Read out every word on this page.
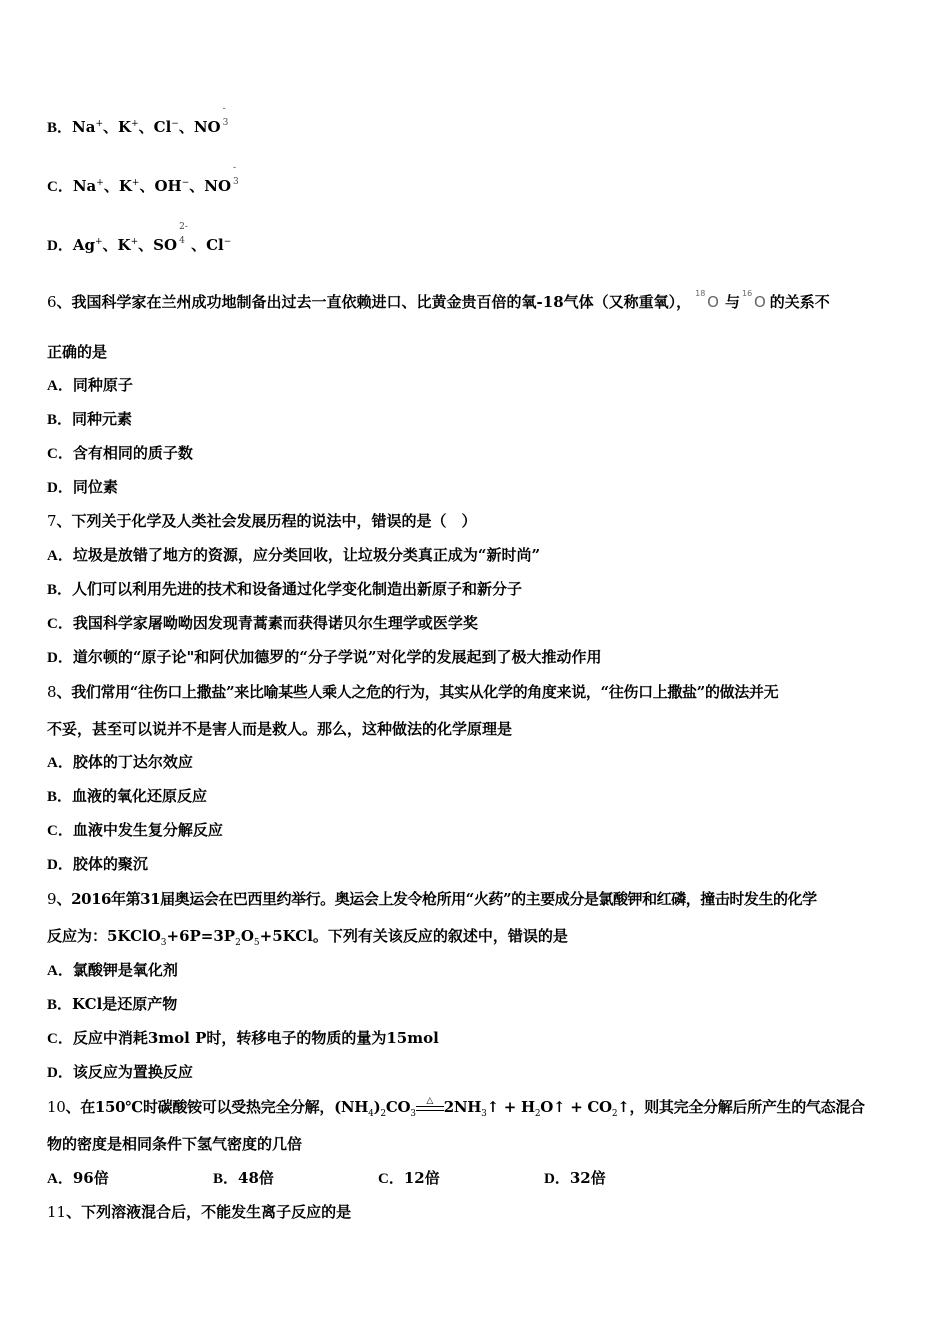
B．Na+、K+、Cl−、NO
-
3
C．Na+、K+、OH−、NO
-
3
D．Ag+、K+、SO
2-
4 、Cl−
6、我国科学家在兰州成功地制备出过去一直依赖进口、比黄金贵百倍的氧-18气体（又称重氧）， 18 O 与 16 O 的关系不
正确的是
A．同种原子
B．同种元素
C．含有相同的质子数
D．同位素
7、下列关于化学及人类社会发展历程的说法中，错误的是（　）
A．垃圾是放错了地方的资源，应分类回收，让垃圾分类真正成为“新时尚”
B．人们可以利用先进的技术和设备通过化学变化制造出新原子和新分子
C．我国科学家屠呦呦因发现青蒿素而获得诺贝尔生理学或医学奖
D．道尔顿的“原子论"和阿伏加德罗的“分子学说”对化学的发展起到了极大推动作用
8、我们常用“往伤口上撒盐”来比喻某些人乘人之危的行为，其实从化学的角度来说，“往伤口上撒盐”的做法并无
不妥，甚至可以说并不是害人而是救人。那么，这种做法的化学原理是
A．胶体的丁达尔效应
B．血液的氧化还原反应
C．血液中发生复分解反应
D．胶体的聚沉
9、2016年第31届奥运会在巴西里约举行。奥运会上发令枪所用“火药”的主要成分是氯酸钾和红磷，撞击时发生的化学
反应为：$5KClO_3+6P=3P_2O_5+5KCl$。下列有关该反应的叙述中，错误的是
A．氯酸钾是氧化剂
B．KCl是还原产物
C．反应中消耗3mol P时，转移电子的物质的量为15mol
D．该反应为置换反应
10、在150℃时碳酸铵可以受热完全分解，$(NH_4)_2CO_3$
△ $2NH_3↑$ + $H_2O↑$ + $CO_2↑$，则其完全分解后所产生的气态混合
物的密度是相同条件下氢气密度的几倍
A．96倍	B．48倍	C．12倍	D．32倍
11、下列溶液混合后，不能发生离子反应的是
